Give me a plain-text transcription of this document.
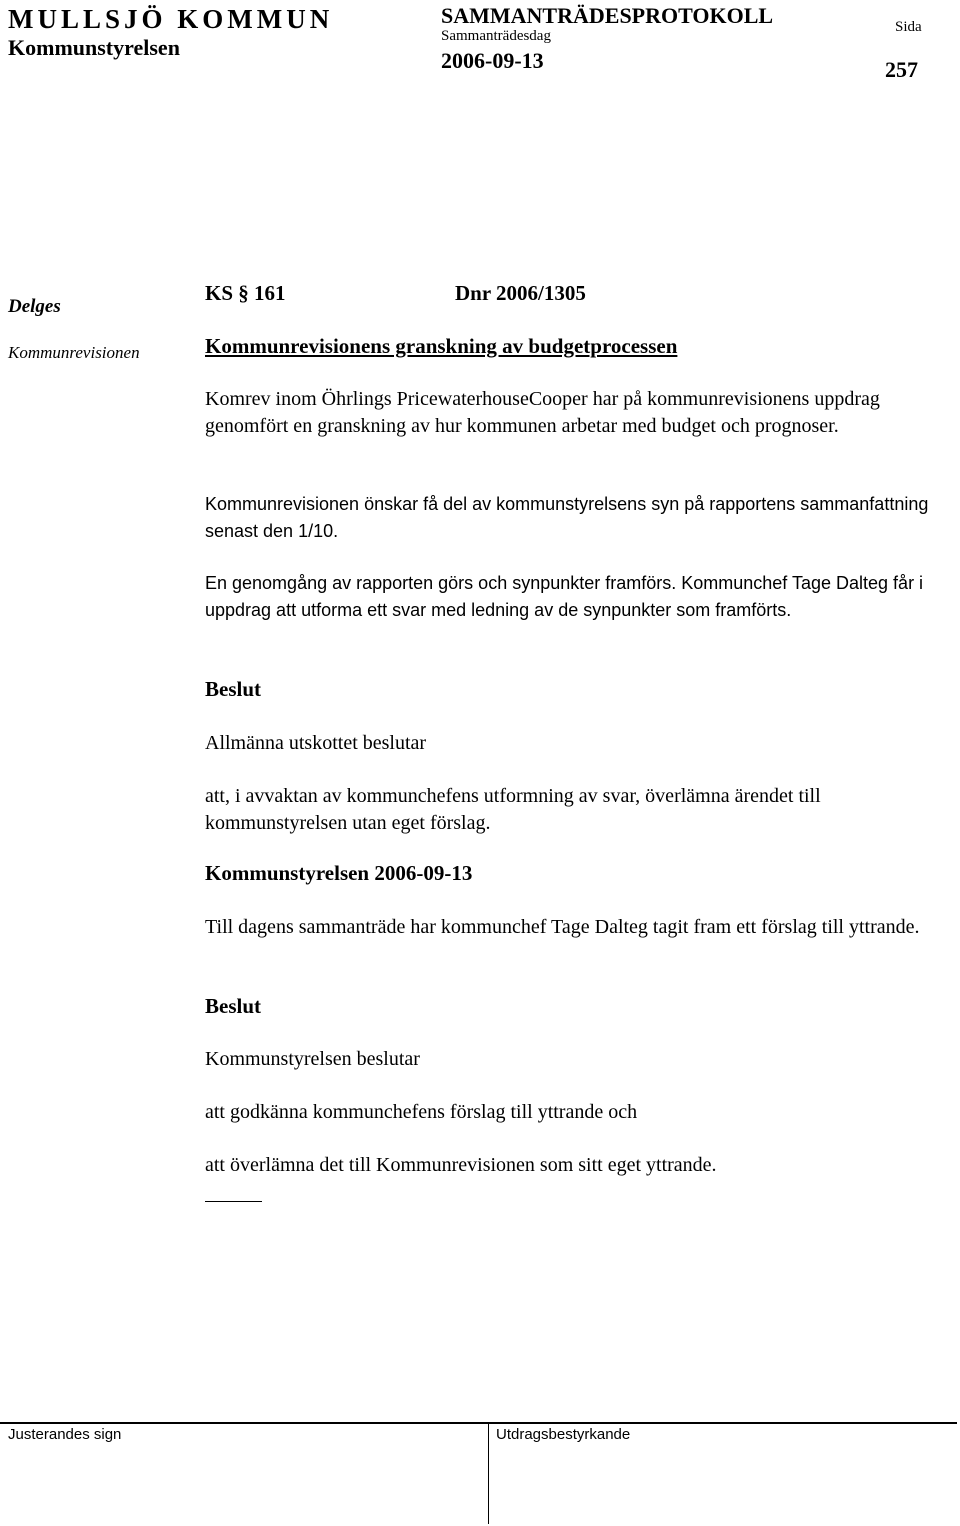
MULLSJÖ KOMMUN
Kommunstyrelsen
SAMMANTRÄDESPROTOKOLL
Sammanträdesdag
2006-09-13
Sida
257
Delges
Kommunrevisionen
KS § 161	Dnr 2006/1305
Kommunrevisionens granskning av budgetprocessen
Komrev inom Öhrlings PricewaterhouseCooper har på kommunrevisionens uppdrag genomfört en granskning av hur kommunen arbetar med budget och prognoser.
Kommunrevisionen önskar få del av kommunstyrelsens syn på rapportens sammanfattning senast den 1/10.
En genomgång av rapporten görs och synpunkter framförs. Kommunchef Tage Dalteg får i uppdrag att utforma ett svar med ledning av de synpunkter som framförts.
Beslut
Allmänna utskottet beslutar
att, i avvaktan av kommunchefens utformning av svar, överlämna ärendet till kommunstyrelsen utan eget förslag.
Kommunstyrelsen 2006-09-13
Till dagens sammanträde har kommunchef Tage Dalteg tagit fram ett förslag till yttrande.
Beslut
Kommunstyrelsen beslutar
att godkänna kommunchefens förslag till yttrande och
att överlämna det till Kommunrevisionen som sitt eget yttrande.
Justerandes sign	Utdragsbestyrkande
